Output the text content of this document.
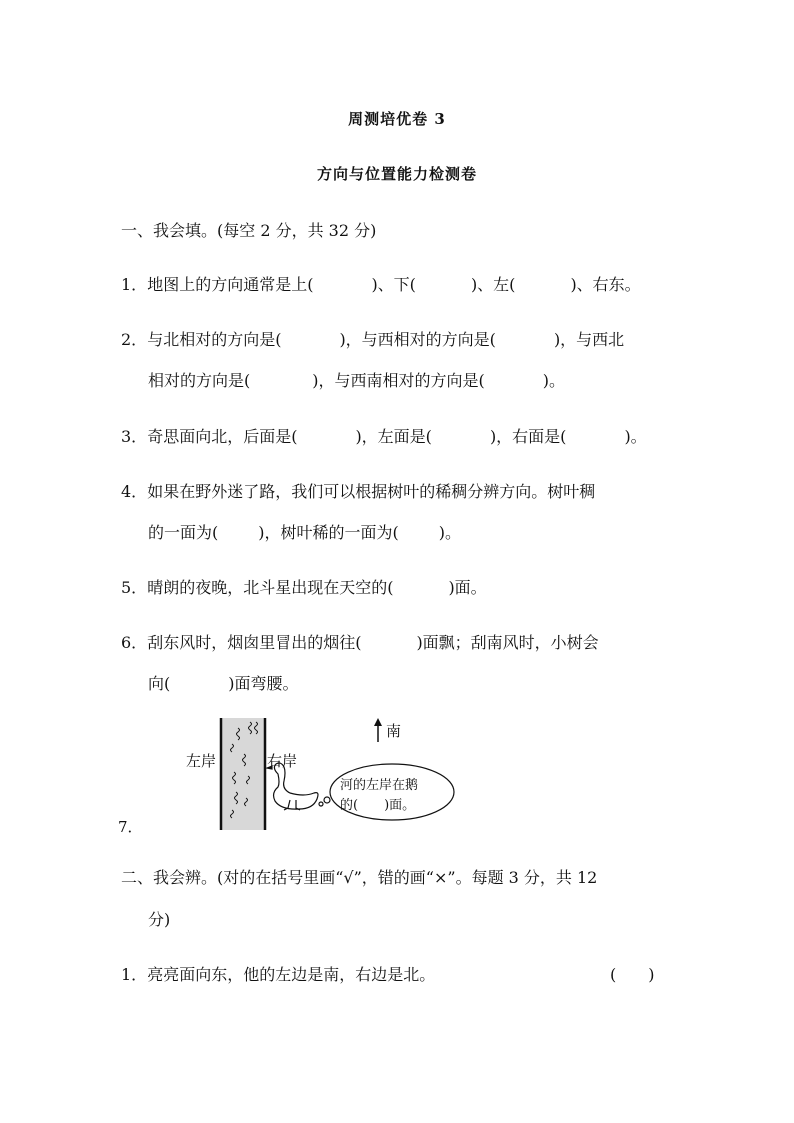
周测培优卷 3
方向与位置能力检测卷
一、我会填。(每空 2 分，共 32 分)
1．地图上的方向通常是上(	)、下(	)、左(	)、右东。
2．与北相对的方向是(	)，与西相对的方向是(	)，与西北
相对的方向是(	)，与西南相对的方向是(	)。
3．奇思面向北，后面是(	)，左面是(	)，右面是(	)。
4．如果在野外迷了路，我们可以根据树叶的稀稠分辨方向。树叶稠
的一面为(	)，树叶稀的一面为(	)。
5．晴朗的夜晚，北斗星出现在天空的(	)面。
6．刮东风时，烟囱里冒出的烟往(	)面飘；刮南风时，小树会
向(	)面弯腰。
7．
左岸	右岸
南
河的左岸在鹅
的(　　)面。
二、我会辨。(对的在括号里画“√”，错的画“×”。每题 3 分，共 12
分)
1．亮亮面向东，他的左边是南，右边是北。	(　　)
